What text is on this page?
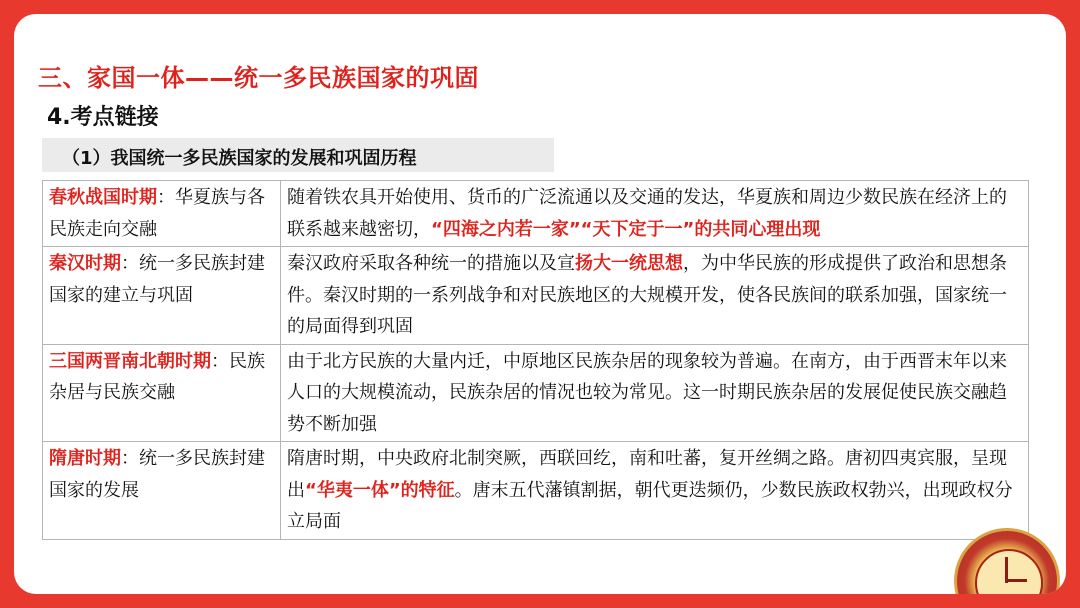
三、家国一体——统一多民族国家的巩固
4.考点链接
（1）我国统一多民族国家的发展和巩固历程
春秋战国时期：华夏族与各民族走向交融	随着铁农具开始使用、货币的广泛流通以及交通的发达，华夏族和周边少数民族在经济上的联系越来越密切，“四海之内若一家”“天下定于一”的共同心理出现
秦汉时期：统一多民族封建国家的建立与巩固	秦汉政府采取各种统一的措施以及宣扬大一统思想，为中华民族的形成提供了政治和思想条件。秦汉时期的一系列战争和对民族地区的大规模开发，使各民族间的联系加强，国家统一的局面得到巩固
三国两晋南北朝时期：民族杂居与民族交融	由于北方民族的大量内迁，中原地区民族杂居的现象较为普遍。在南方，由于西晋末年以来人口的大规模流动，民族杂居的情况也较为常见。这一时期民族杂居的发展促使民族交融趋势不断加强
隋唐时期：统一多民族封建国家的发展	隋唐时期，中央政府北制突厥，西联回纥，南和吐蕃，复开丝绸之路。唐初四夷宾服，呈现出“华夷一体”的特征。唐末五代藩镇割据，朝代更迭频仍，少数民族政权勃兴，出现政权分立局面
